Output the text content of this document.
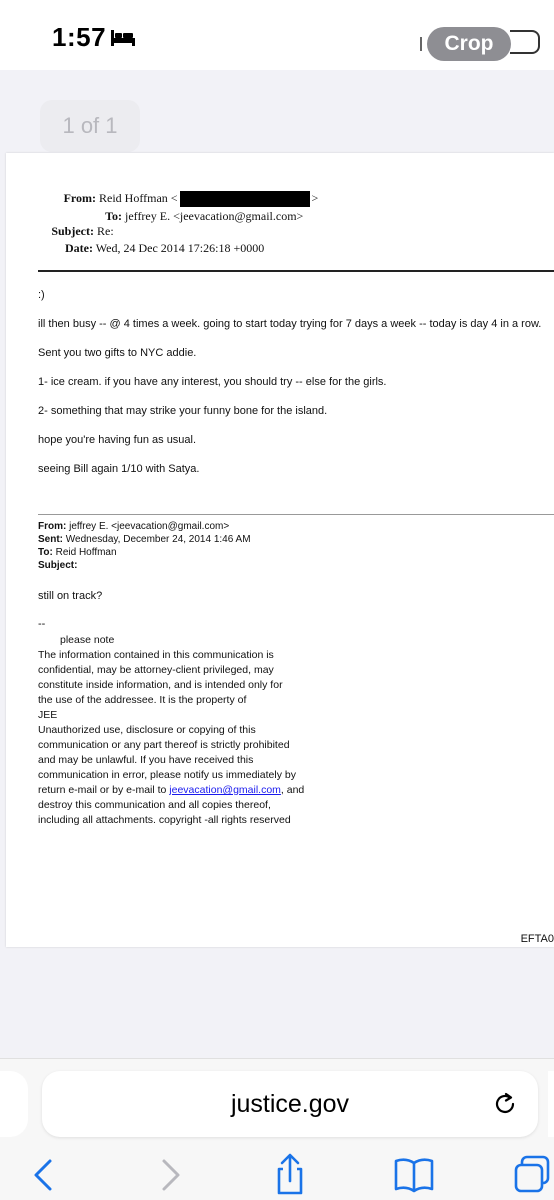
1:57	Crop
1 of 1
From: Reid Hoffman <	>
To: jeffrey E. <jeevacation@gmail.com>
Subject: Re:
Date: Wed, 24 Dec 2014 17:26:18 +0000
:)
ill then busy -- @ 4 times a week. going to start today trying for 7 days a week -- today is day 4 in a row.
Sent you two gifts to NYC addie.
1- ice cream. if you have any interest, you should try -- else for the girls.
2- something that may strike your funny bone for the island.
hope you're having fun as usual.
seeing Bill again 1/10 with Satya.
From: jeffrey E. <jeevacation@gmail.com>
Sent: Wednesday, December 24, 2014 1:46 AM
To: Reid Hoffman
Subject:
still on track?
--
please note
The information contained in this communication is
confidential, may be attorney-client privileged, may
constitute inside information, and is intended only for
the use of the addressee. It is the property of
JEE
Unauthorized use, disclosure or copying of this
communication or any part thereof is strictly prohibited
and may be unlawful. If you have received this
communication in error, please notify us immediately by
return e-mail or by e-mail to jeevacation@gmail.com, and
destroy this communication and all copies thereof,
including all attachments. copyright -all rights reserved
EFTA0
justice.gov
